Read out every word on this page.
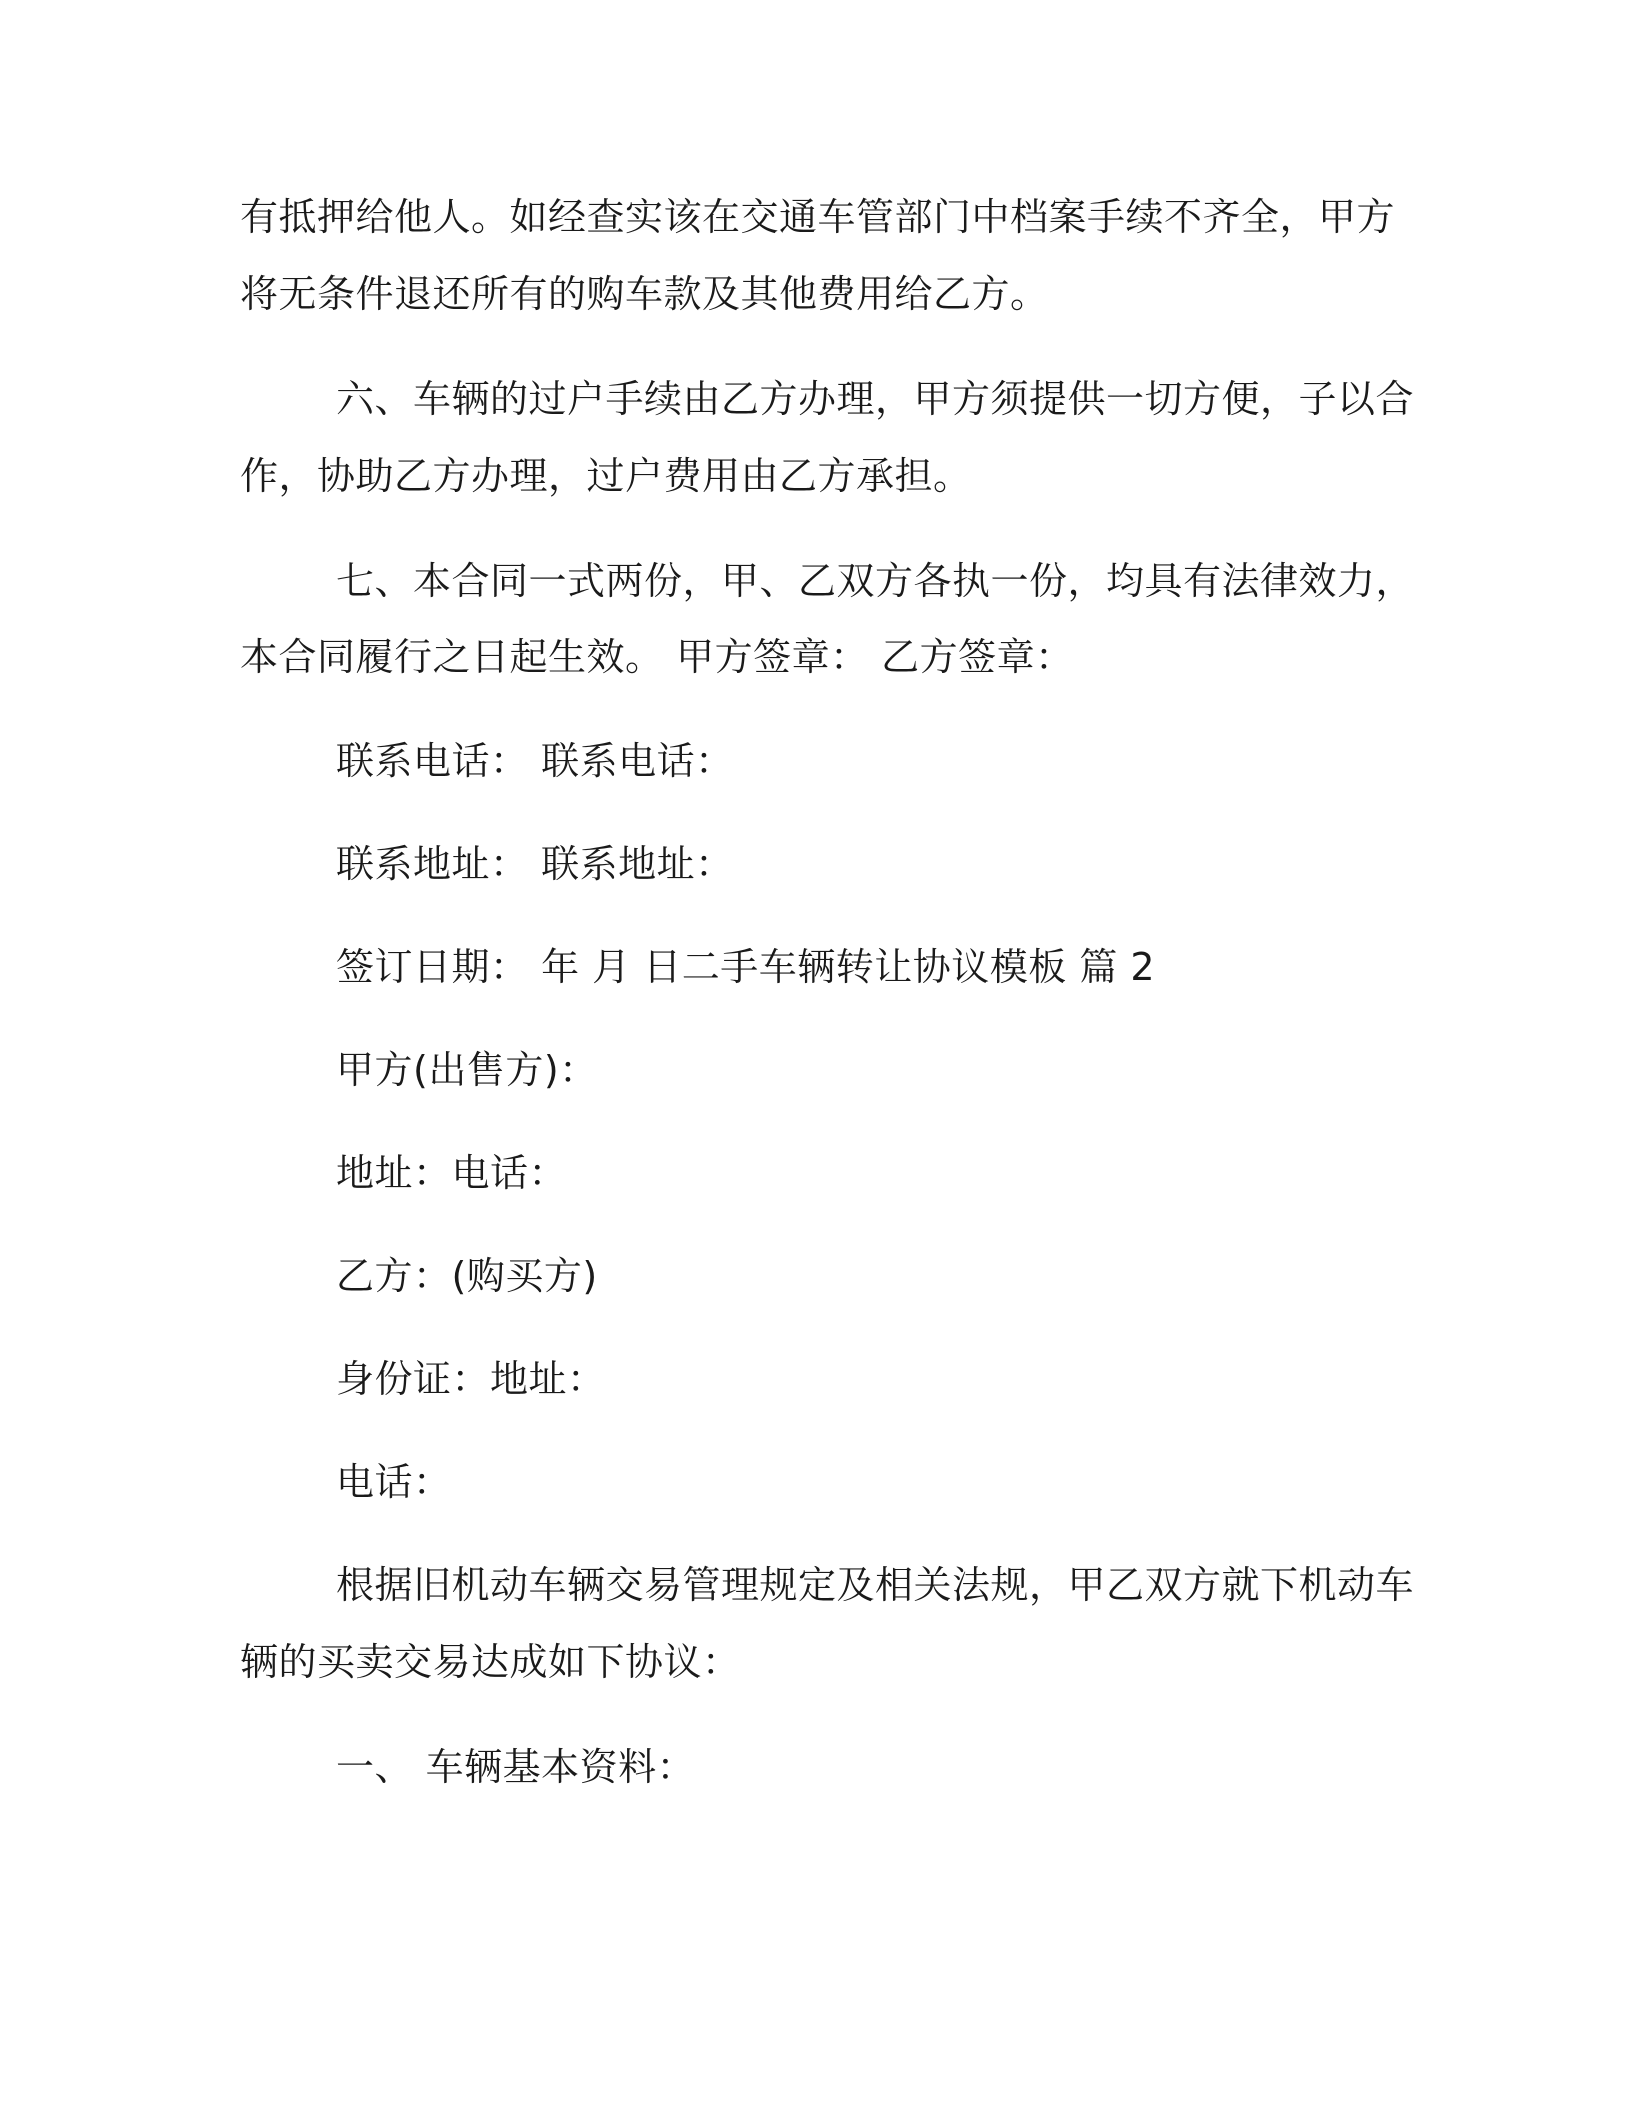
有抵押给他人。如经查实该在交通车管部门中档案手续不齐全，甲方
将无条件退还所有的购车款及其他费用给乙方。
六、车辆的过户手续由乙方办理，甲方须提供一切方便，子以合
作，协助乙方办理，过户费用由乙方承担。
七、本合同一式两份，甲、乙双方各执一份，均具有法律效力，
本合同履行之日起生效。 甲方签章： 乙方签章：
联系电话： 联系电话：
联系地址： 联系地址：
签订日期： 年 月 日二手车辆转让协议模板 篇 2
甲方(出售方)：
地址：电话：
乙方：(购买方)
身份证：地址：
电话：
根据旧机动车辆交易管理规定及相关法规，甲乙双方就下机动车
辆的买卖交易达成如下协议：
一、 车辆基本资料：
